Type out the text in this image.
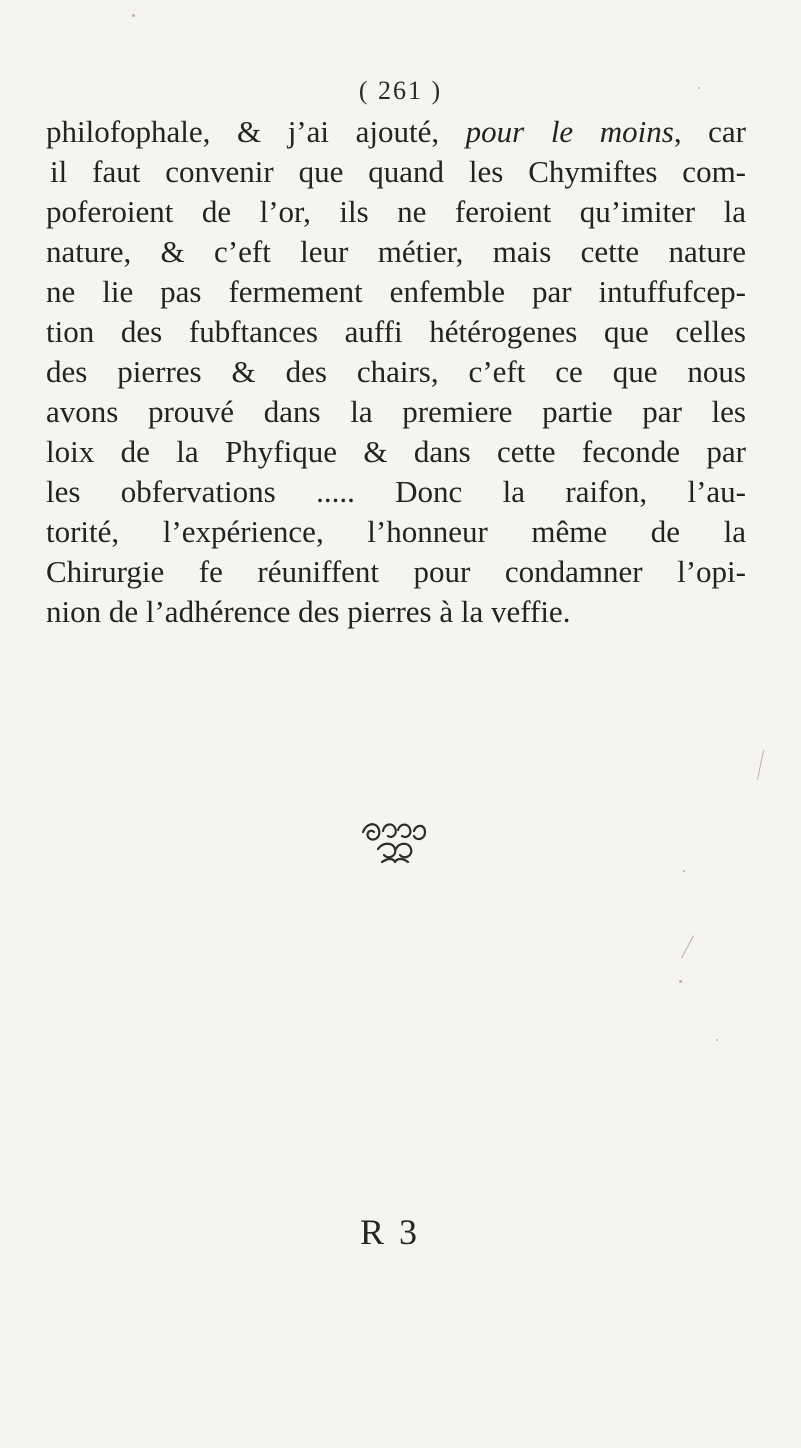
( 261 )
philofophale, & j’ai ajouté, pour le moins, car
il faut convenir que quand les Chymiftes com-
poferoient de l’or, ils ne feroient qu’imiter la
nature, & c’eft leur métier, mais cette nature
ne lie pas fermement enfemble par intuffufcep-
tion des fubftances auffi hétérogenes que celles
des pierres & des chairs, c’eft ce que nous
avons prouvé dans la premiere partie par les
loix de la Phyfique & dans cette feconde par
les obfervations ..... Donc la raifon, l’au-
torité, l’expérience, l’honneur même de la
Chirurgie fe réuniffent pour condamner l’opi-
nion de l’adhérence des pierres à la veffie.
R 3
